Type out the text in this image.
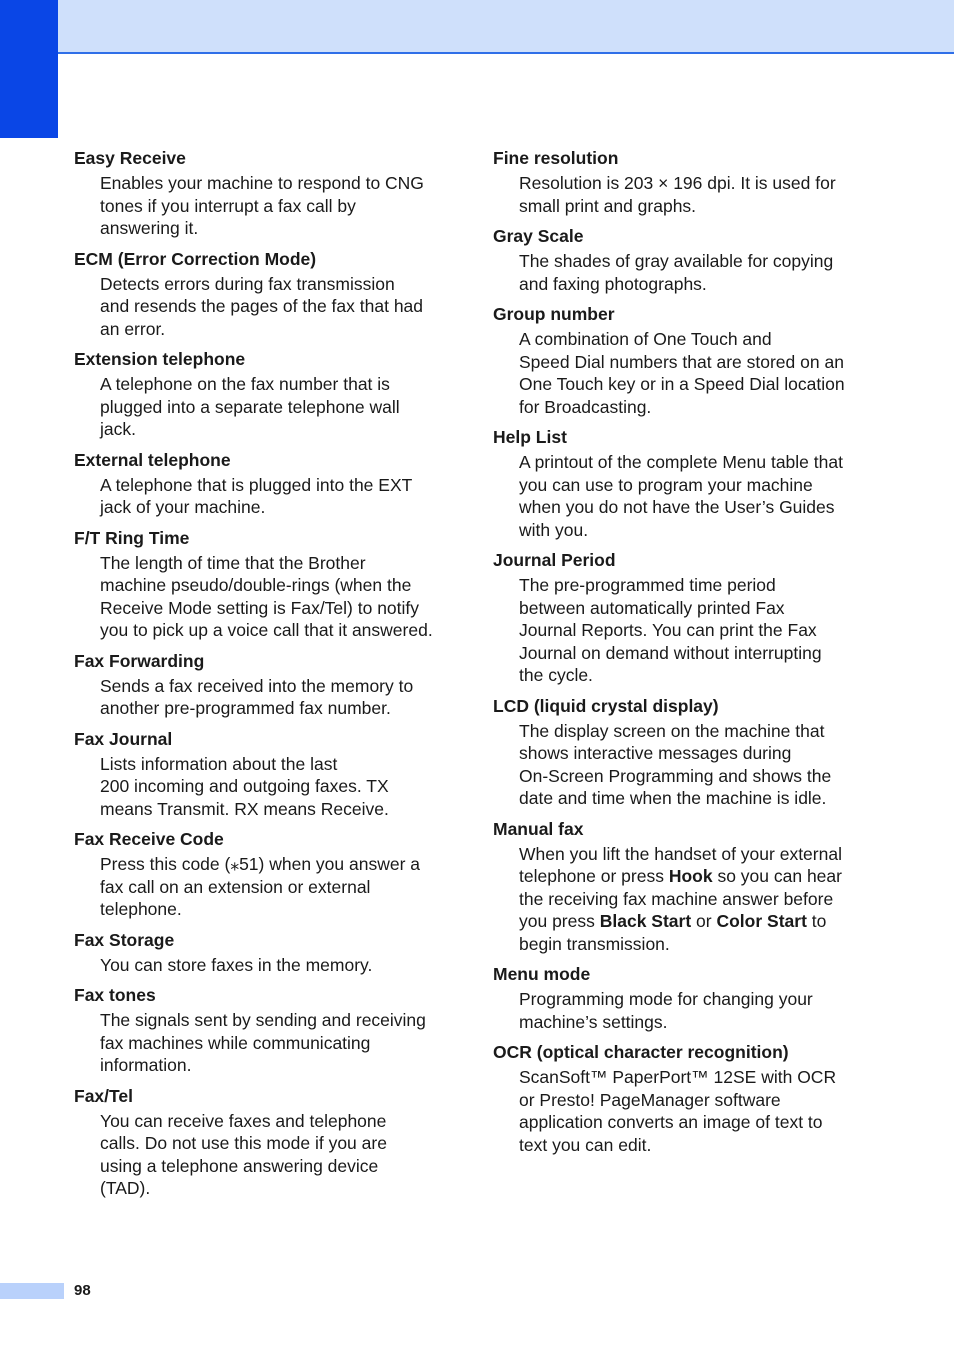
Easy Receive

Enables your machine to respond to CNG
tones if you interrupt a fax call by
answering it.

ECM (Error Correction Mode)

Detects errors during fax transmission
and resends the pages of the fax that had
an error.

Extension telephone

A telephone on the fax number that is
plugged into a separate telephone wall
jack.

External telephone

A telephone that is plugged into the EXT
jack of your machine.

F/T Ring Time

The length of time that the Brother
machine pseudo/double-rings (when the
Receive Mode setting is Fax/Tel) to notify
you to pick up a voice call that it answered.

Fax Forwarding

Sends a fax received into the memory to
another pre-programmed fax number.

Fax Journal

Lists information about the last
200 incoming and outgoing faxes. TX
means Transmit. RX means Receive.

Fax Receive Code

Press this code (⁎51) when you answer a
fax call on an extension or external
telephone.

Fax Storage

You can store faxes in the memory.

Fax tones

The signals sent by sending and receiving
fax machines while communicating
information.

Fax/Tel

You can receive faxes and telephone
calls. Do not use this mode if you are
using a telephone answering device
(TAD).

Fine resolution

Resolution is 203 × 196 dpi. It is used for
small print and graphs.

Gray Scale

The shades of gray available for copying
and faxing photographs.

Group number

A combination of One Touch and
Speed Dial numbers that are stored on an
One Touch key or in a Speed Dial location
for Broadcasting.

Help List

A printout of the complete Menu table that
you can use to program your machine
when you do not have the User’s Guides
with you.

Journal Period

The pre-programmed time period
between automatically printed Fax
Journal Reports. You can print the Fax
Journal on demand without interrupting
the cycle.

LCD (liquid crystal display)

The display screen on the machine that
shows interactive messages during
On-Screen Programming and shows the
date and time when the machine is idle.

Manual fax

When you lift the handset of your external
telephone or press Hook so you can hear
the receiving fax machine answer before
you press Black Start or Color Start to
begin transmission.

Menu mode

Programming mode for changing your
machine’s settings.

OCR (optical character recognition)

ScanSoft™ PaperPort™ 12SE with OCR
or Presto! PageManager software
application converts an image of text to
text you can edit.

98
